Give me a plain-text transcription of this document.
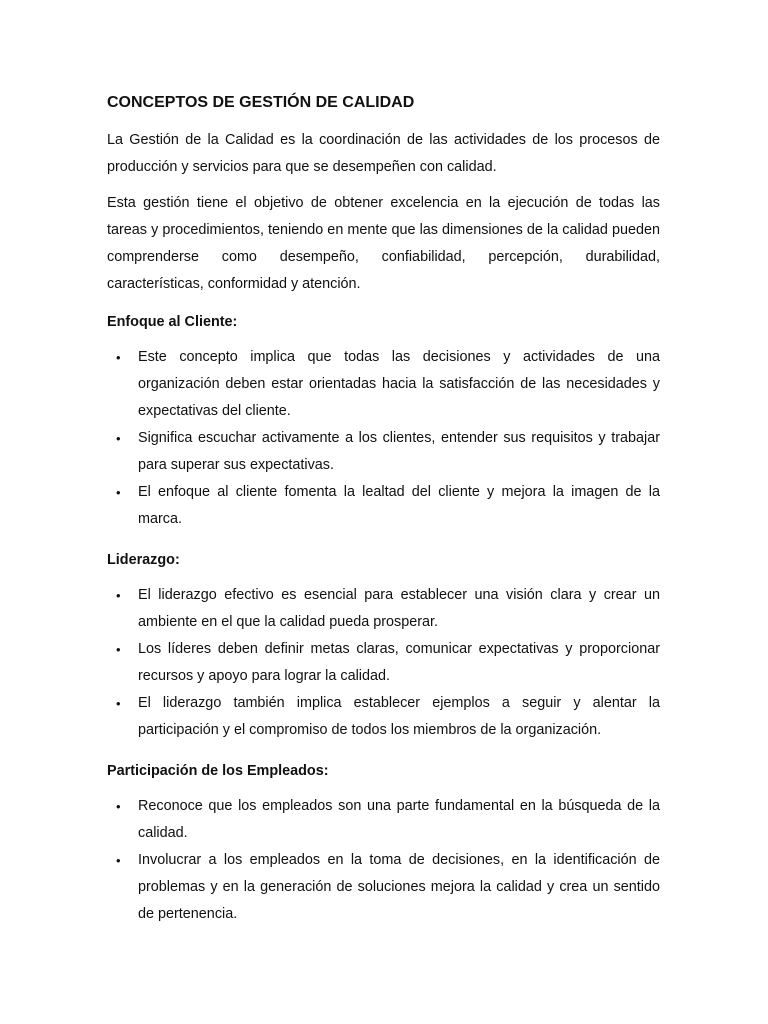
CONCEPTOS DE GESTIÓN DE CALIDAD

La Gestión de la Calidad es la coordinación de las actividades de los procesos de producción y servicios para que se desempeñen con calidad.

Esta gestión tiene el objetivo de obtener excelencia en la ejecución de todas las tareas y procedimientos, teniendo en mente que las dimensiones de la calidad pueden comprenderse como desempeño, confiabilidad, percepción, durabilidad, características, conformidad y atención.

Enfoque al Cliente:
• Este concepto implica que todas las decisiones y actividades de una organización deben estar orientadas hacia la satisfacción de las necesidades y expectativas del cliente.
• Significa escuchar activamente a los clientes, entender sus requisitos y trabajar para superar sus expectativas.
• El enfoque al cliente fomenta la lealtad del cliente y mejora la imagen de la marca.
Liderazgo:
• El liderazgo efectivo es esencial para establecer una visión clara y crear un ambiente en el que la calidad pueda prosperar.
• Los líderes deben definir metas claras, comunicar expectativas y proporcionar recursos y apoyo para lograr la calidad.
• El liderazgo también implica establecer ejemplos a seguir y alentar la participación y el compromiso de todos los miembros de la organización.
Participación de los Empleados:
• Reconoce que los empleados son una parte fundamental en la búsqueda de la calidad.
• Involucrar a los empleados en la toma de decisiones, en la identificación de problemas y en la generación de soluciones mejora la calidad y crea un sentido de pertenencia.
